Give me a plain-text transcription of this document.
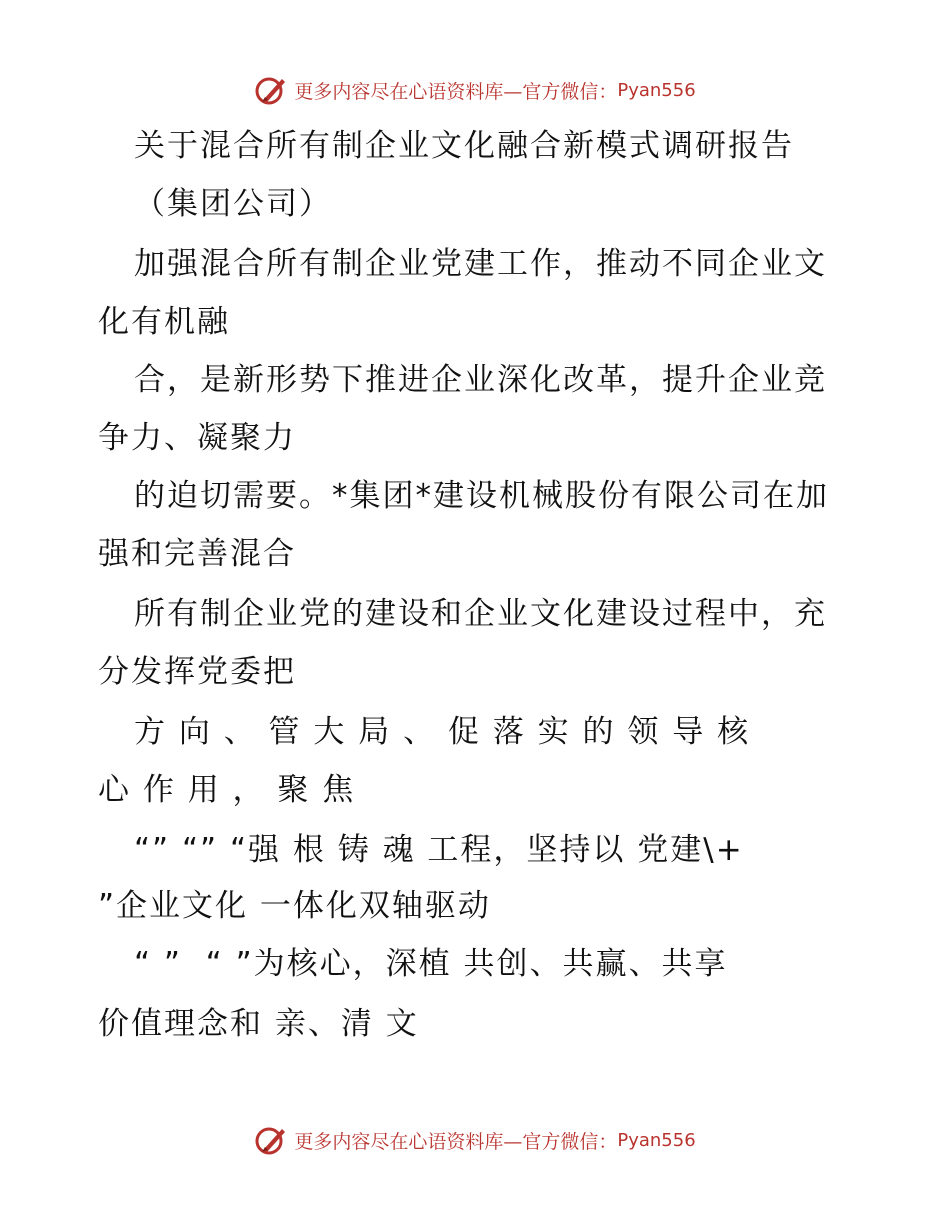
更多内容尽在心语资料库—官方微信： Pyan556
关于混合所有制企业文化融合新模式调研报告
（集团公司）
加强混合所有制企业党建工作，推动不同企业文
化有机融
合，是新形势下推进企业深化改革，提升企业竞
争力、凝聚力
的迫切需要。*集团*建设机械股份有限公司在加
强和完善混合
所有制企业党的建设和企业文化建设过程中，充
分发挥党委把
方 向 、 管 大 局 、 促 落 实 的 领 导 核
心 作 用 ， 聚 焦
“” “” “强 根 铸 魂 工程，坚持以 党建\+
”企业文化 一体化双轴驱动
“ ”  “ ”为核心，深植 共创、共赢、共享
价值理念和 亲、清 文
更多内容尽在心语资料库—官方微信： Pyan556
